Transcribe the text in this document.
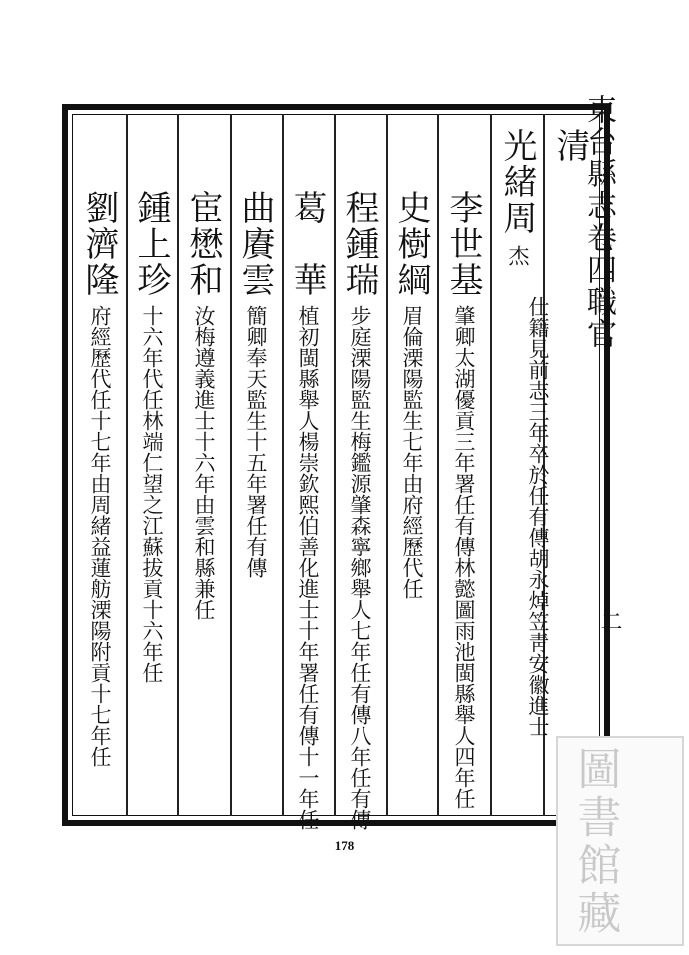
東台縣志卷四職官
二
清
光緒周
杰
仕籍見前志三年卒於任有傳胡永焯笠靑安徽進士
李世基
肇卿太湖優貢三年署任有傳林懿圖雨池閩縣舉人四年任
史樹綱
眉倫溧陽監生七年由府經歷代任
程鍾瑞
步庭溧陽監生梅鑑源肇森寧鄉舉人七年任有傳八年任有傳
葛　華
植初閩縣舉人楊崇欽熙伯善化進士十年署任有傳十一年任
曲賡雲
簡卿奉天監生十五年署任有傳
宦懋和
汝梅遵義進士十六年由雲和縣兼任
鍾上珍
十六年代任林端仁望之江蘇拔貢十六年任
劉濟隆
府經歷代任十七年由周緒益蓮舫溧陽附貢十七年任
178	圖書館藏
